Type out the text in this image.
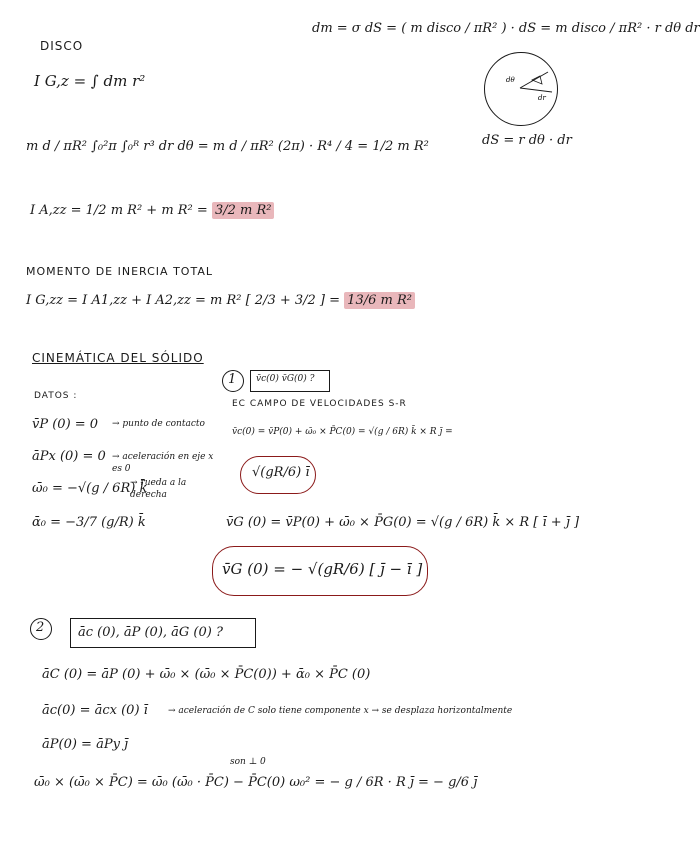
DISCO
dm = σ dS = ( m disco / πR² ) · dS = m disco / πR² · r dθ dr
dθ
dr
dS = r dθ · dr
I G,z = ∫ dm r²
m d / πR² ∫₀²π ∫₀ᴿ r³ dr dθ = m d / πR² (2π) · R⁴ / 4 = 1/2 m R²
I A,zz = 1/2 m R² + m R² = 3/2 m R²
MOMENTO DE INERCIA TOTAL
I G,zz = I A1,zz + I A2,zz = m R² [ 2/3 + 3/2 ] = 13/6 m R²
CINEMÁTICA DEL SÓLIDO
DATOS :
v̄P (0) = 0 → punto de contacto
āPx (0) = 0 → aceleración en eje x es 0
ω̄₀ = −√(g / 6R) k̄
→ rueda a la derecha
ᾱ₀ = −3/7 (g/R) k̄
1 v̄c(0) v̄G(0) ?
EC CAMPO DE VELOCIDADES S-R
v̄c(0) = v̄P(0) + ω̄₀ × P̄C(0) = √(g / 6R) k̄ × R ȷ̄ =
√(gR/6) ī
v̄G (0) = v̄P(0) + ω̄₀ × P̄G(0) = √(g / 6R) k̄ × R [ ī + ȷ̄ ]
v̄G (0) = − √(gR/6) [ ȷ̄ − ī ]
2	āc (0), āP (0), āG (0) ?
āC (0) = āP (0) + ω̄₀ × (ω̄₀ × P̄C(0)) + ᾱ₀ × P̄C (0)
āc(0) = ācx (0) ī → aceleración de C solo tiene componente x → se desplaza horizontalmente
āP(0) = āPy ȷ̄
son ⊥ 0
ω̄₀ × (ω̄₀ × P̄C) = ω̄₀ (ω̄₀ · P̄C) − P̄C(0) ω₀² = − g / 6R · R ȷ̄ = − g/6 ȷ̄
